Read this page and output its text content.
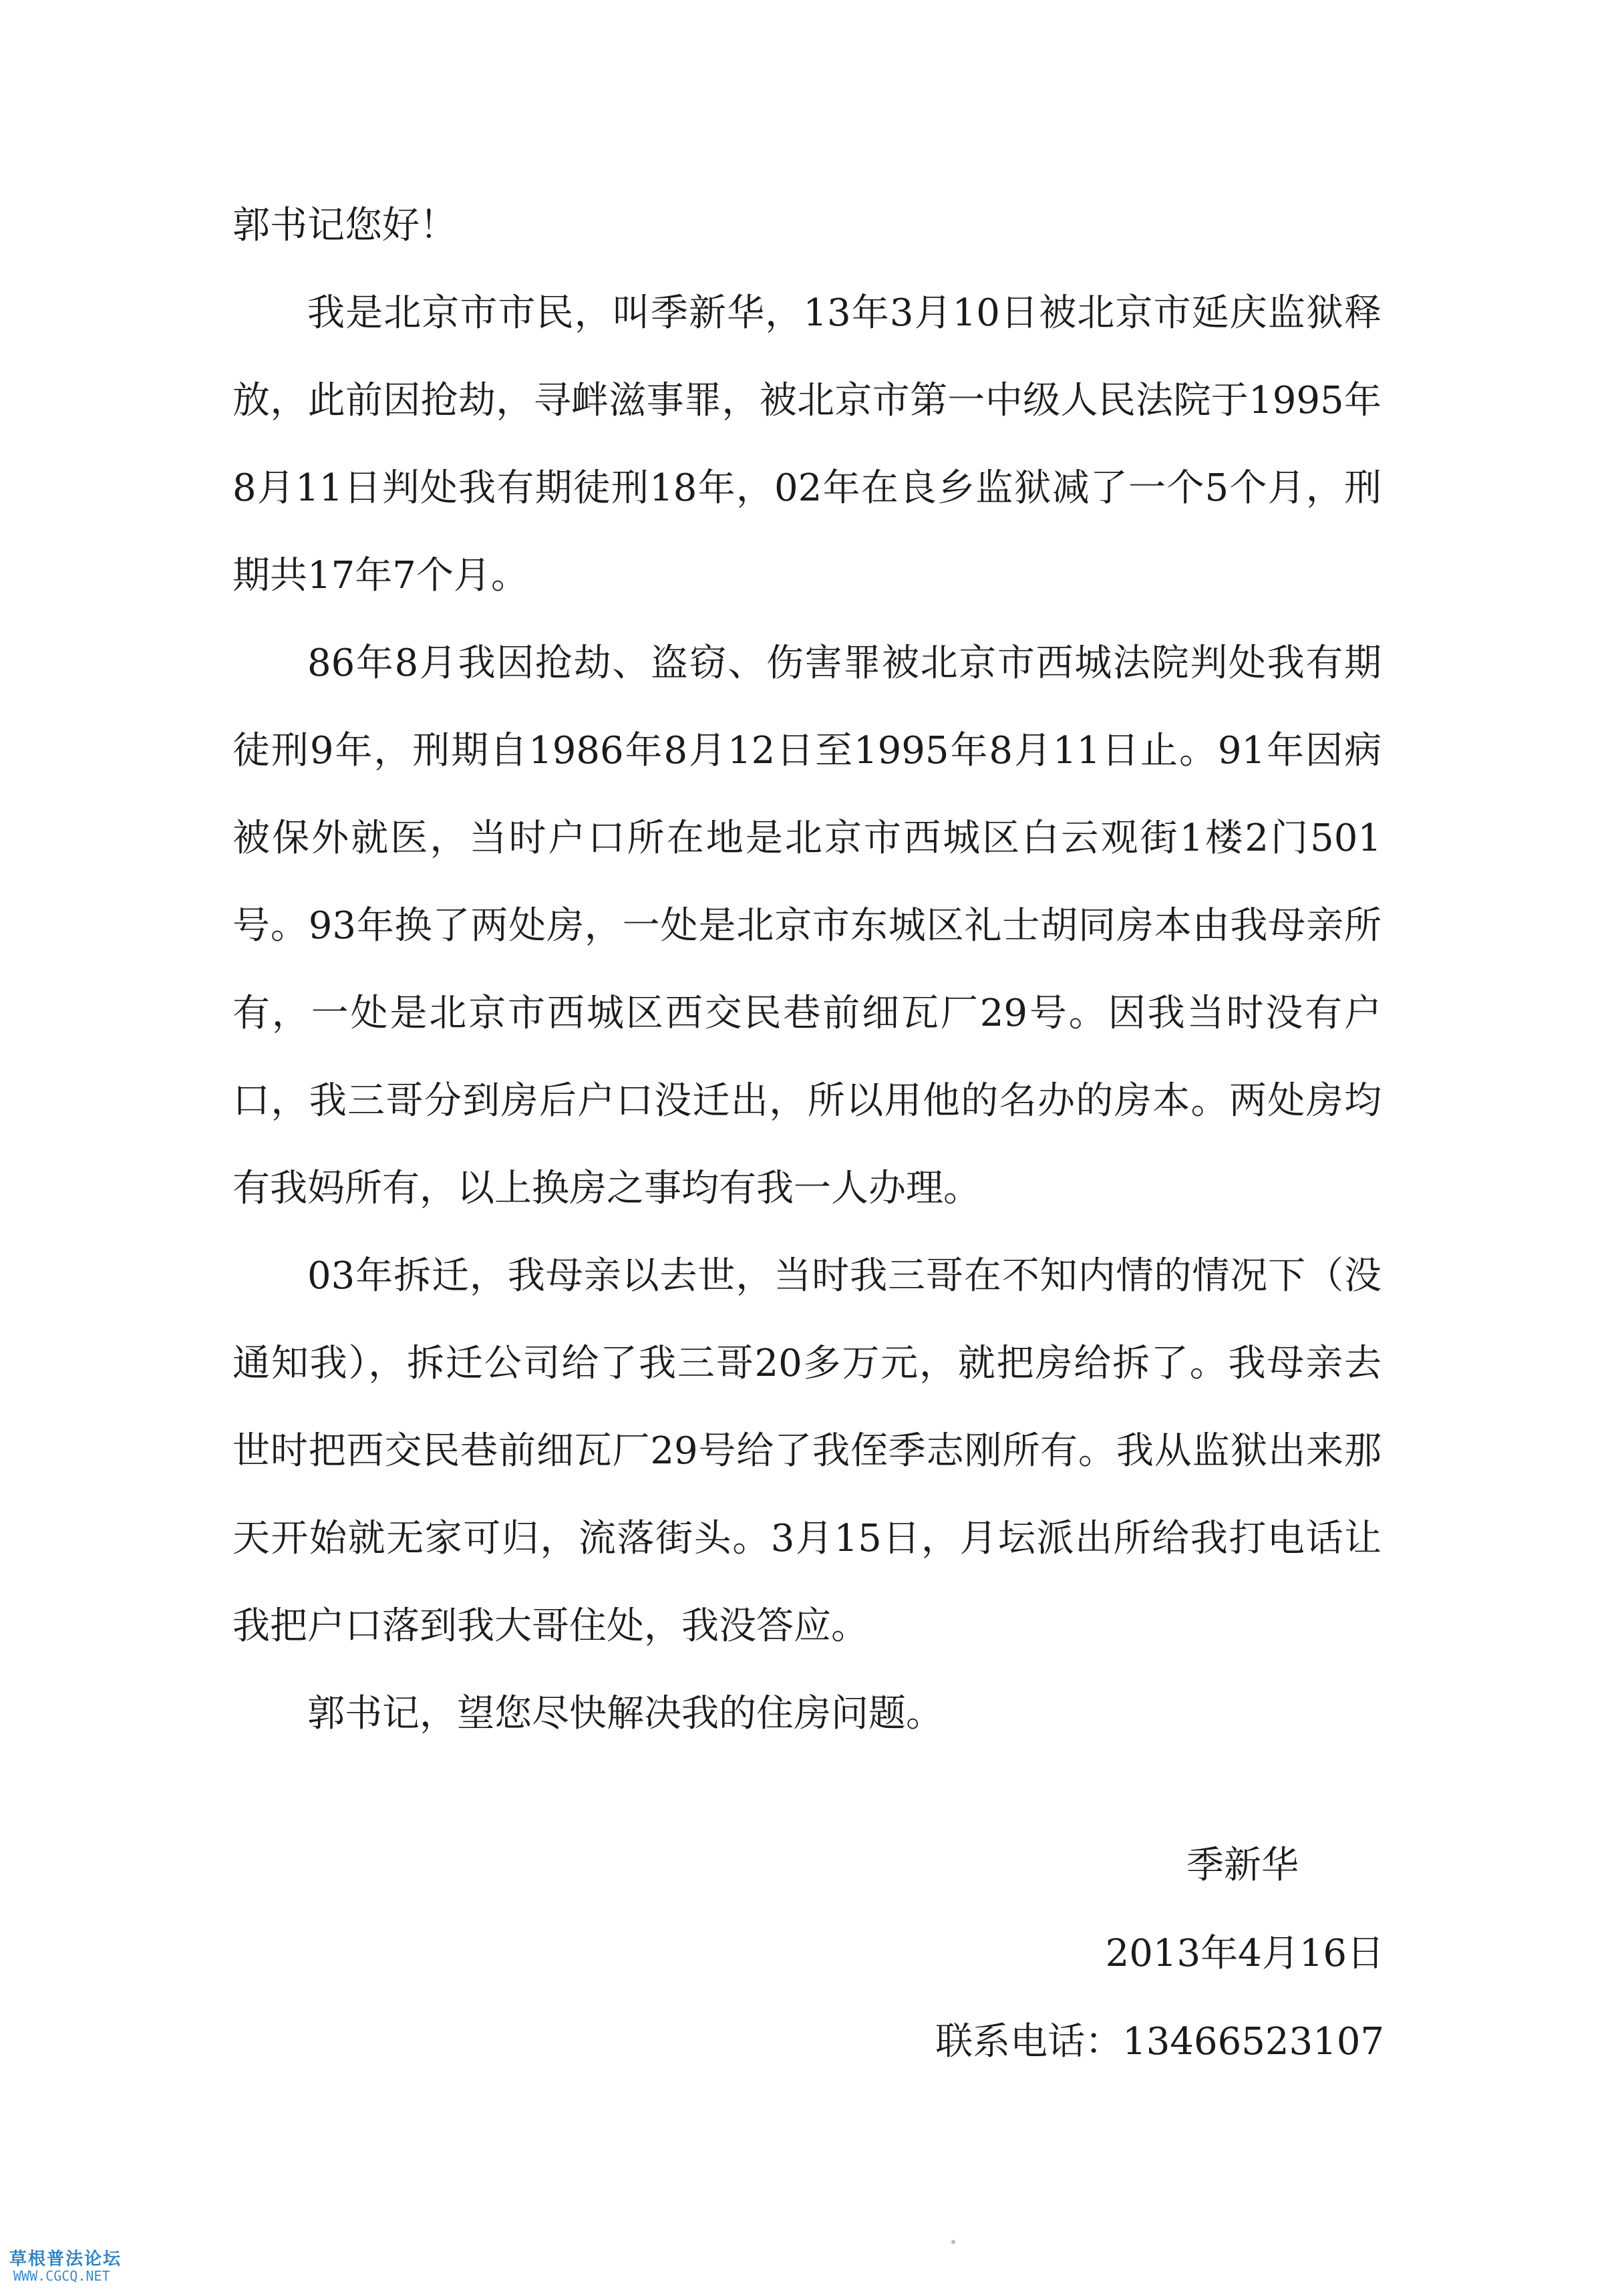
郭书记您好！

我是北京市市民，叫季新华，13年3月10日被北京市延庆监狱释放，此前因抢劫，寻衅滋事罪，被北京市第一中级人民法院于1995年8月11日判处我有期徒刑18年，02年在良乡监狱减了一个5个月，刑期共17年7个月。

86年8月我因抢劫、盗窃、伤害罪被北京市西城法院判处我有期徒刑9年，刑期自1986年8月12日至1995年8月11日止。91年因病被保外就医，当时户口所在地是北京市西城区白云观街1楼2门501号。93年换了两处房，一处是北京市东城区礼士胡同房本由我母亲所有，一处是北京市西城区西交民巷前细瓦厂29号。因我当时没有户口，我三哥分到房后户口没迁出，所以用他的名办的房本。两处房均有我妈所有，以上换房之事均有我一人办理。

03年拆迁，我母亲以去世，当时我三哥在不知内情的情况下（没通知我），拆迁公司给了我三哥20多万元，就把房给拆了。我母亲去世时把西交民巷前细瓦厂29号给了我侄季志刚所有。我从监狱出来那天开始就无家可归，流落街头。3月15日，月坛派出所给我打电话让我把户口落到我大哥住处，我没答应。

郭书记，望您尽快解决我的住房问题。

季新华
2013年4月16日
联系电话：13466523107
草根普法论坛
WWW.CGCQ.NET
